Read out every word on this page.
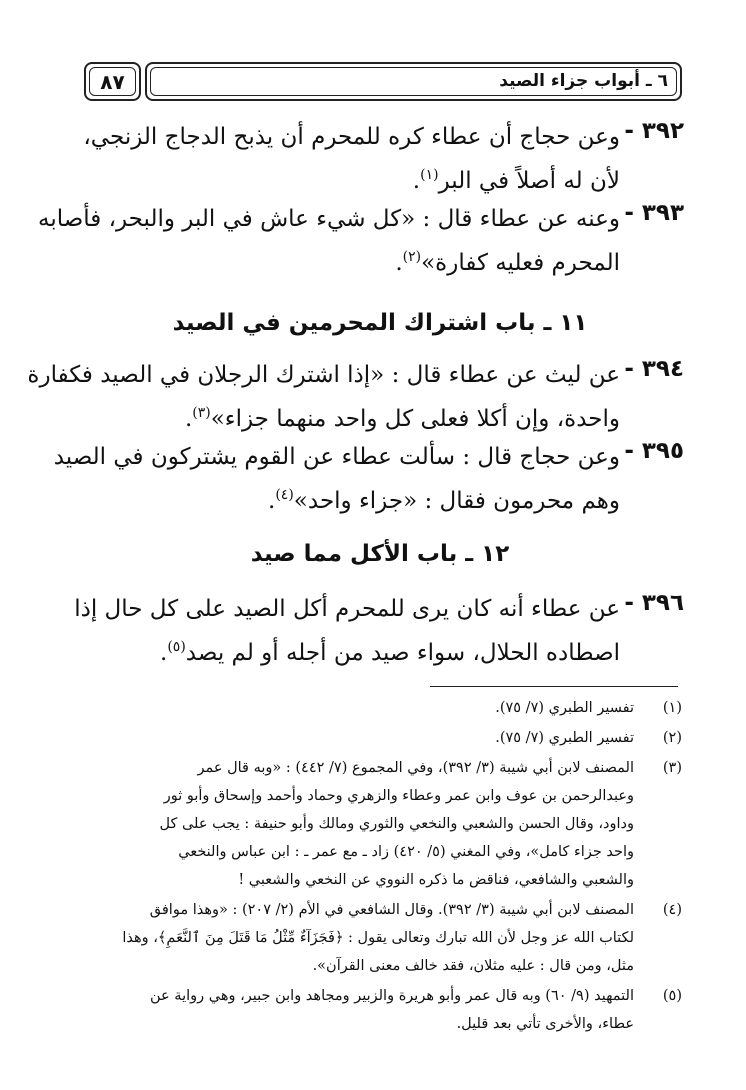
٦ ـ أبواب جزاء الصيد
٨٧
٣٩٢ -
وعن حجاج أن عطاء كره للمحرم أن يذبح الدجاج الزنجي،
لأن له أصلاً في البر$^{(١)}$.
٣٩٣ -
وعنه عن عطاء قال : «كل شيء عاش في البر والبحر، فأصابه
المحرم فعليه كفارة»$^{(٢)}$.
١١ ـ باب اشتراك المحرمين في الصيد
٣٩٤ -
عن ليث عن عطاء قال : «إذا اشترك الرجلان في الصيد فكفارة
واحدة، وإن أكلا فعلى كل واحد منهما جزاء»$^{(٣)}$.
٣٩٥ -
وعن حجاج قال : سألت عطاء عن القوم يشتركون في الصيد
وهم محرمون فقال : «جزاء واحد»$^{(٤)}$.
١٢ ـ باب الأكل مما صيد
٣٩٦ -
عن عطاء أنه كان يرى للمحرم أكل الصيد على كل حال إذا
اصطاده الحلال، سواء صيد من أجله أو لم يصد$^{(٥)}$.
(١)
تفسير الطبري (٧/ ٧٥).
(٢)
تفسير الطبري (٧/ ٧٥).
(٣)
المصنف لابن أبي شيبة (٣/ ٣٩٢)، وفي المجموع (٧/ ٤٤٢) : «وبه قال عمر
وعبدالرحمن بن عوف وابن عمر وعطاء والزهري وحماد وأحمد وإسحاق وأبو ثور
وداود، وقال الحسن والشعبي والنخعي والثوري ومالك وأبو حنيفة : يجب على كل
واحد جزاء كامل»، وفي المغني (٥/ ٤٢٠) زاد ـ مع عمر ـ : ابن عباس والنخعي
والشعبي والشافعي، فناقض ما ذكره النووي عن النخعي والشعبي !
(٤)
المصنف لابن أبي شيبة (٣/ ٣٩٢). وقال الشافعي في الأم (٢/ ٢٠٧) : «وهذا موافق
لكتاب الله عز وجل لأن الله تبارك وتعالى يقول : ﴿فَجَزَآءٌ مِّثْلُ مَا قَتَلَ مِنَ ٱلنَّعَمِ﴾، وهذا
مثل، ومن قال : عليه مثلان، فقد خالف معنى القرآن».
(٥)
التمهيد (٩/ ٦٠) وبه قال عمر وأبو هريرة والزبير ومجاهد وابن جبير، وهي رواية عن
عطاء، والأخرى تأتي بعد قليل.
